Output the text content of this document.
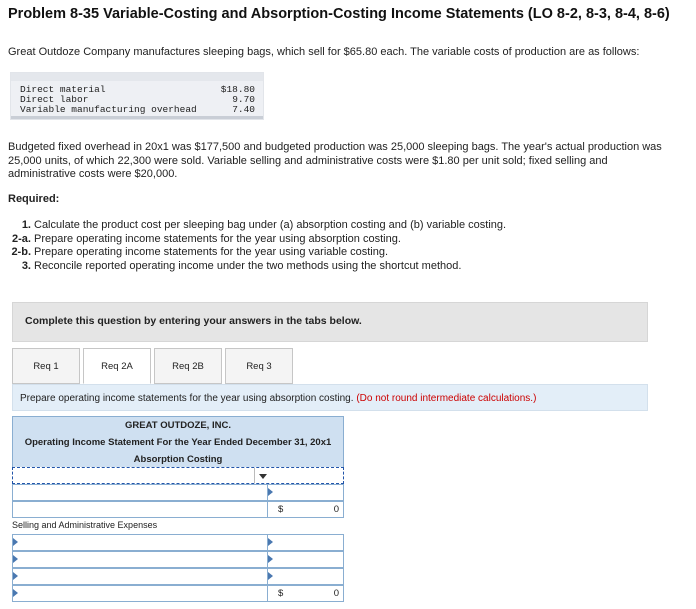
Problem 8-35 Variable-Costing and Absorption-Costing Income Statements (LO 8-2, 8-3, 8-4, 8-6)
Great Outdoze Company manufactures sleeping bags, which sell for $65.80 each. The variable costs of production are as follows:
Direct material	$18.80
Direct labor	9.70
Variable manufacturing overhead	7.40
Budgeted fixed overhead in 20x1 was $177,500 and budgeted production was 25,000 sleeping bags. The year's actual production was
25,000 units, of which 22,300 were sold. Variable selling and administrative costs were $1.80 per unit sold; fixed selling and
administrative costs were $20,000.
Required:
1. Calculate the product cost per sleeping bag under (a) absorption costing and (b) variable costing.
2-a. Prepare operating income statements for the year using absorption costing.
2-b. Prepare operating income statements for the year using variable costing.
3. Reconcile reported operating income under the two methods using the shortcut method.
Complete this question by entering your answers in the tabs below.
Req 1	Req 2A	Req 2B	Req 3
Prepare operating income statements for the year using absorption costing. (Do not round intermediate calculations.)
GREAT OUTDOZE, INC.
Operating Income Statement For the Year Ended December 31, 20x1
Absorption Costing
$	0
Selling and Administrative Expenses
$	0
